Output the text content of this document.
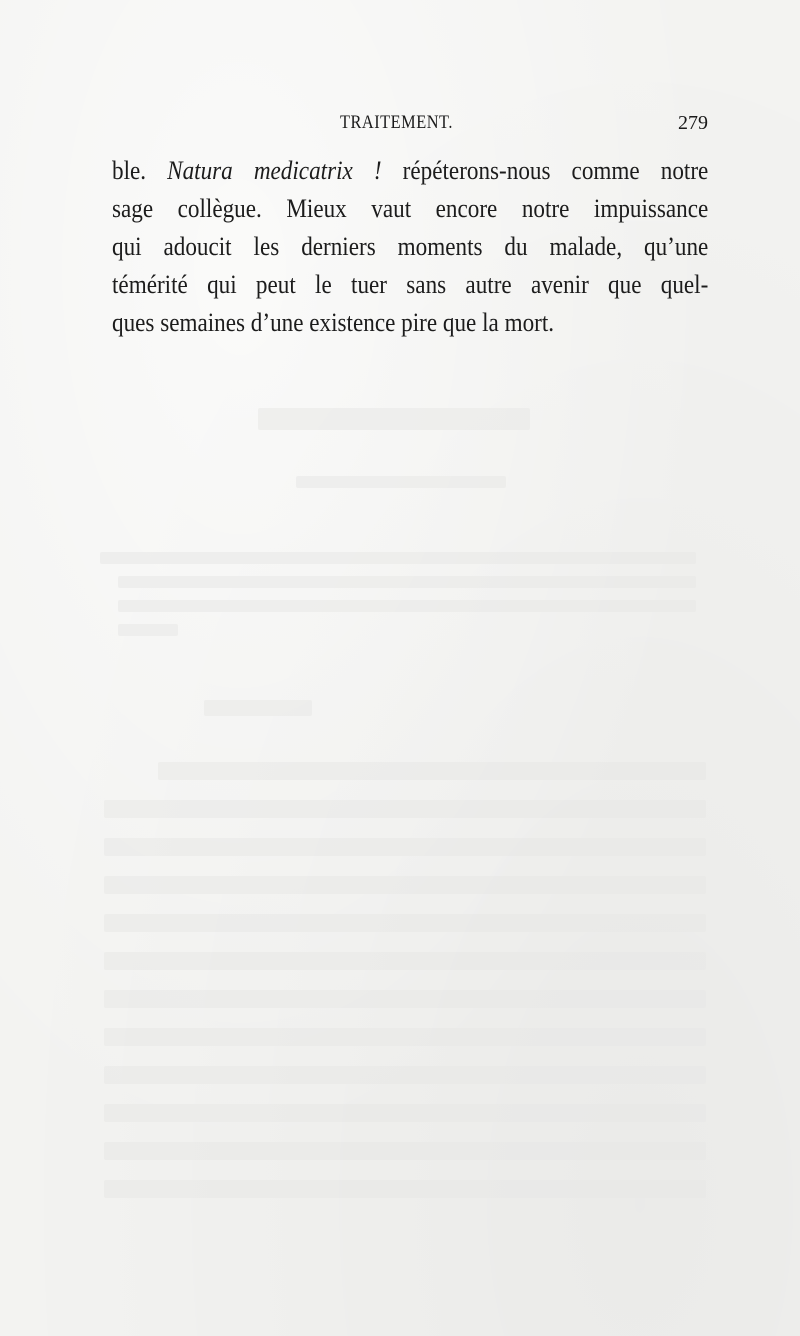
TRAITEMENT.	279
ble. Natura medicatrix ! répéterons-nous comme notre
sage collègue. Mieux vaut encore notre impuissance
qui adoucit les derniers moments du malade, qu’une
témérité qui peut le tuer sans autre avenir que quel-
ques semaines d’une existence pire que la mort.
